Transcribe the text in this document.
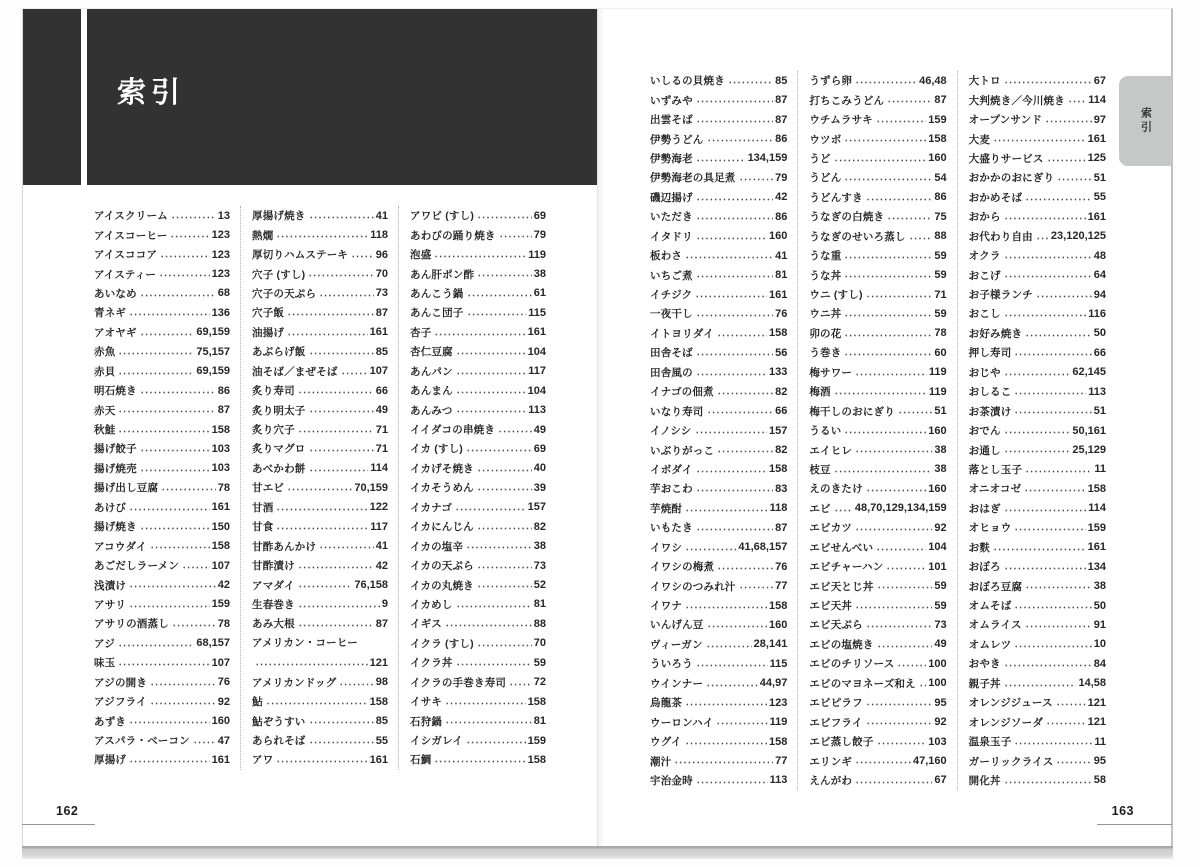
索引
アイスクリーム	13
アイスコーヒー	123
アイスココア	123
アイスティー	123
あいなめ	68
青ネギ	136
アオヤギ	69,159
赤魚	75,157
赤貝	69,159
明石焼き	86
赤天	87
秋鮭	158
揚げ餃子	103
揚げ焼売	103
揚げ出し豆腐	78
あけび	161
揚げ焼き	150
アコウダイ	158
あごだしラーメン	107
浅漬け	42
アサリ	159
アサリの酒蒸し	78
アジ	68,157
味玉	107
アジの開き	76
アジフライ	92
あずき	160
アスパラ・ベーコン	47
厚揚げ	161
厚揚げ焼き	41
熱燗	118
厚切りハムステーキ	96
穴子 (すし)	70
穴子の天ぷら	73
穴子飯	87
油揚げ	161
あぶらげ飯	85
油そば／まぜそば	107
炙り寿司	66
炙り明太子	49
炙り穴子	71
炙りマグロ	71
あべかわ餅	114
甘エビ	70,159
甘酒	122
甘食	117
甘酢あんかけ	41
甘酢漬け	42
アマダイ	76,158
生春巻き	9
あみ大根	87
アメリカン・コーヒー
121
アメリカンドッグ	98
鮎	158
鮎ぞうすい	85
あられそば	55
アワ	161
アワビ (すし)	69
あわびの踊り焼き	79
泡盛	119
あん肝ポン酢	38
あんこう鍋	61
あんこ団子	115
杏子	161
杏仁豆腐	104
あんパン	117
あんまん	104
あんみつ	113
イイダコの串焼き	49
イカ (すし)	69
イカげそ焼き	40
イカそうめん	39
イカナゴ	157
イカにんじん	82
イカの塩辛	38
イカの天ぷら	73
イカの丸焼き	52
イカめし	81
イギス	88
イクラ (すし)	70
イクラ丼	59
イクラの手巻き寿司	72
イサキ	158
石狩鍋	81
イシガレイ	159
石鯛	158
162
いしるの貝焼き	85
いずみや	87
出雲そば	87
伊勢うどん	86
伊勢海老	134,159
伊勢海老の具足煮	79
磯辺揚げ	42
いただき	86
イタドリ	160
板わさ	41
いちご煮	81
イチジク	161
一夜干し	76
イトヨリダイ	158
田舎そば	56
田舎風の	133
イナゴの佃煮	82
いなり寿司	66
イノシシ	157
いぶりがっこ	82
イボダイ	158
芋おこわ	83
芋焼酎	118
いもたき	87
イワシ	41,68,157
イワシの梅煮	76
イワシのつみれ汁	77
イワナ	158
いんげん豆	160
ヴィーガン	28,141
ういろう	115
ウインナー	44,97
烏龍茶	123
ウーロンハイ	119
ウグイ	158
潮汁	77
宇治金時	113
うずら卵	46,48
打ちこみうどん	87
ウチムラサキ	159
ウツボ	158
うど	160
うどん	54
うどんすき	86
うなぎの白焼き	75
うなぎのせいろ蒸し	88
うな重	59
うな丼	59
ウニ (すし)	71
ウニ丼	59
卯の花	78
う巻き	60
梅サワー	119
梅酒	119
梅干しのおにぎり	51
うるい	160
エイヒレ	38
枝豆	38
えのきたけ	160
エビ 48,70,129,134,159
エビカツ	92
エビせんべい	104
エビチャーハン	101
エビ天とじ丼	59
エビ天丼	59
エビ天ぷら	73
エビの塩焼き	49
エビのチリソース	100
エビのマヨネーズ和え 100
エビピラフ	95
エビフライ	92
エビ蒸し餃子	103
エリンギ	47,160
えんがわ	67
大トロ	67
大判焼き／今川焼き 114
オープンサンド	97
大麦	161
大盛りサービス	125
おかかのおにぎり	51
おかめそば	55
おから	161
お代わり自由 23,120,125
オクラ	48
おこげ	64
お子様ランチ	94
おこし	116
お好み焼き	50
押し寿司	66
おじや	62,145
おしるこ	113
お茶漬け	51
おでん	50,161
お通し	25,129
落とし玉子	11
オニオコゼ	158
おはぎ	114
オヒョウ	159
お麩	161
おぼろ	134
おぼろ豆腐	38
オムそば	50
オムライス	91
オムレツ	10
おやき	84
親子丼	14,58
オレンジジュース	121
オレンジソーダ	121
温泉玉子	11
ガーリックライス	95
開化丼	58
索引
163
